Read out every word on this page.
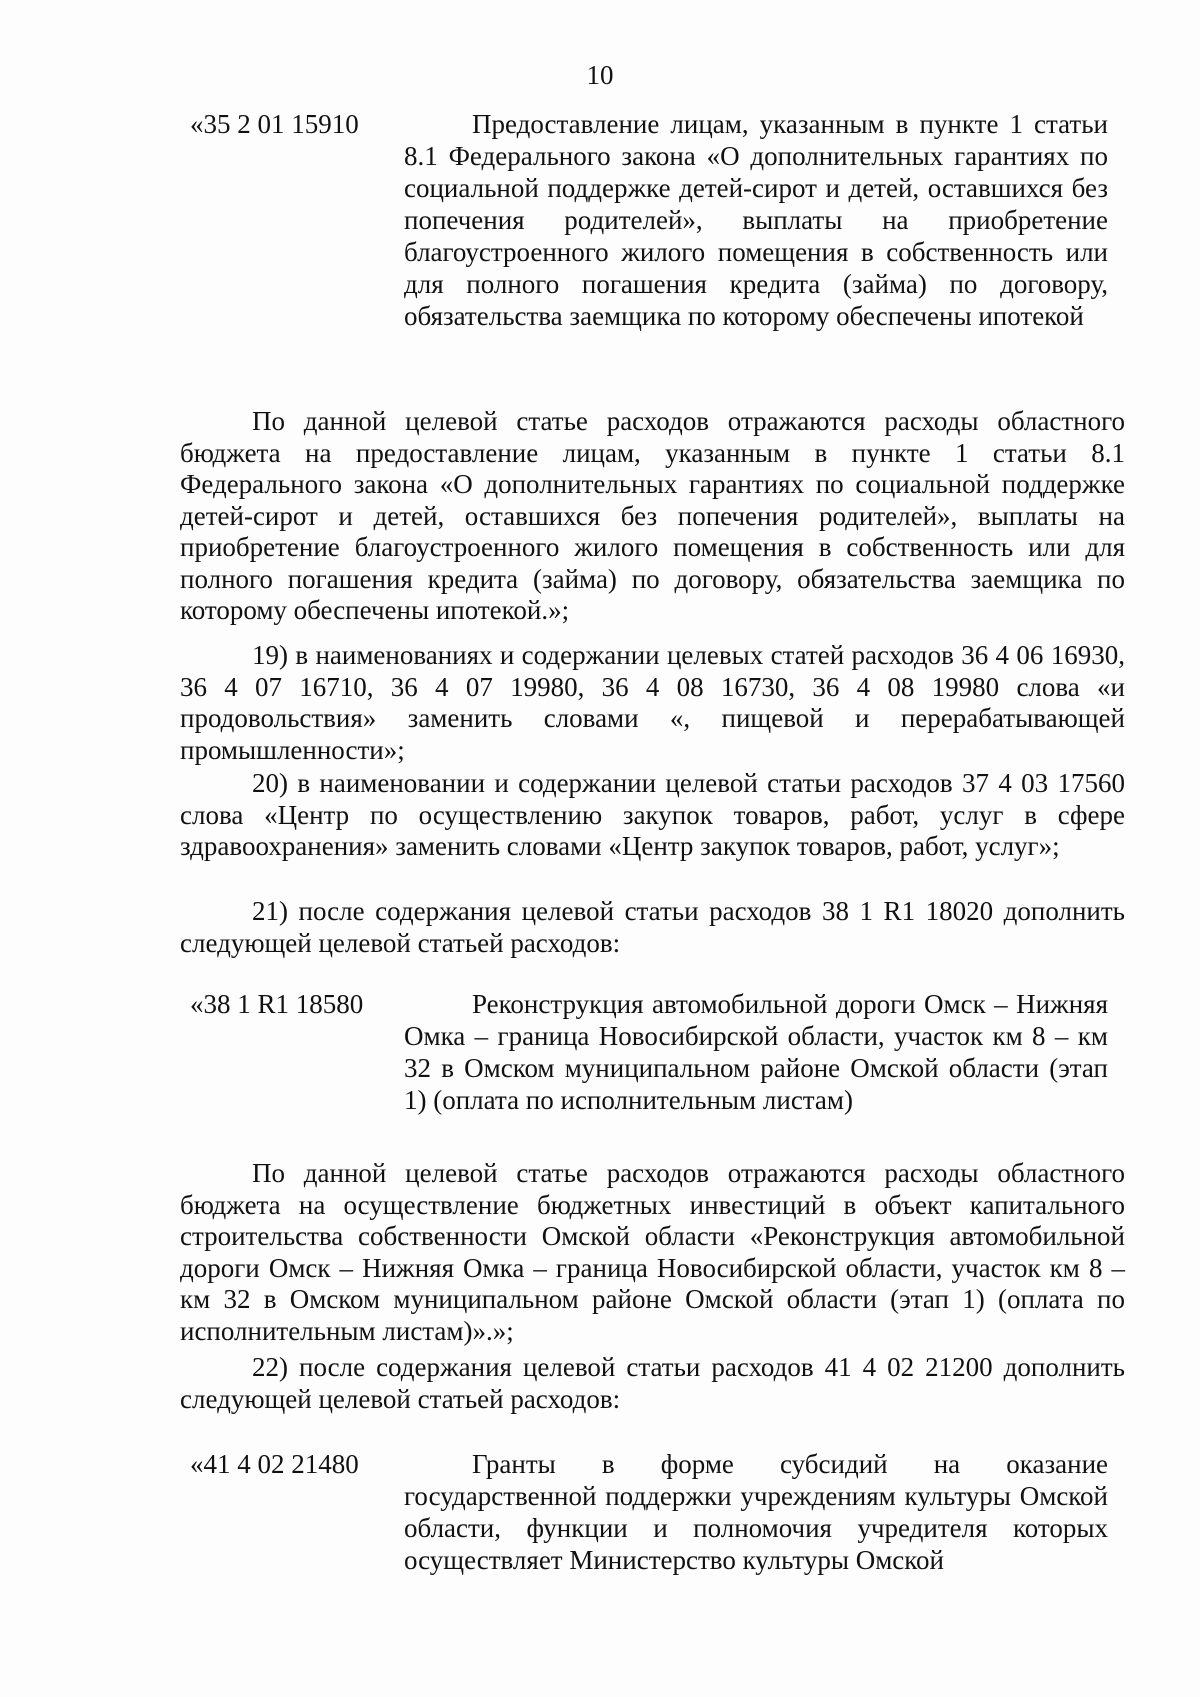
10
«35 2 01 15910	Предоставление лицам, указанным в пункте 1 статьи 8.1 Федерального закона «О дополнительных гарантиях по социальной поддержке детей-сирот и детей, оставшихся без попечения родителей», выплаты на приобретение благоустроенного жилого помещения в собственность или для полного погашения кредита (займа) по договору, обязательства заемщика по которому обеспечены ипотекой
По данной целевой статье расходов отражаются расходы областного бюджета на предоставление лицам, указанным в пункте 1 статьи 8.1 Федерального закона «О дополнительных гарантиях по социальной поддержке детей-сирот и детей, оставшихся без попечения родителей», выплаты на приобретение благоустроенного жилого помещения в собственность или для полного погашения кредита (займа) по договору, обязательства заемщика по которому обеспечены ипотекой.»;
19) в наименованиях и содержании целевых статей расходов 36 4 06 16930, 36 4 07 16710, 36 4 07 19980, 36 4 08 16730, 36 4 08 19980 слова «и продовольствия» заменить словами «, пищевой и перерабатывающей промышленности»;
20) в наименовании и содержании целевой статьи расходов 37 4 03 17560 слова «Центр по осуществлению закупок товаров, работ, услуг в сфере здравоохранения» заменить словами «Центр закупок товаров, работ, услуг»;
21) после содержания целевой статьи расходов 38 1 R1 18020 дополнить следующей целевой статьей расходов:
«38 1 R1 18580	Реконструкция автомобильной дороги Омск – Нижняя Омка – граница Новосибирской области, участок км 8 – км 32 в Омском муниципальном районе Омской области (этап 1) (оплата по исполнительным листам)
По данной целевой статье расходов отражаются расходы областного бюджета на осуществление бюджетных инвестиций в объект капитального строительства собственности Омской области «Реконструкция автомобильной дороги Омск – Нижняя Омка – граница Новосибирской области, участок км 8 – км 32 в Омском муниципальном районе Омской области (этап 1) (оплата по исполнительным листам)».»;
22) после содержания целевой статьи расходов 41 4 02 21200 дополнить следующей целевой статьей расходов:
«41 4 02 21480	Гранты в форме субсидий на оказание государственной поддержки учреждениям культуры Омской области, функции и полномочия учредителя которых осуществляет Министерство культуры Омской
